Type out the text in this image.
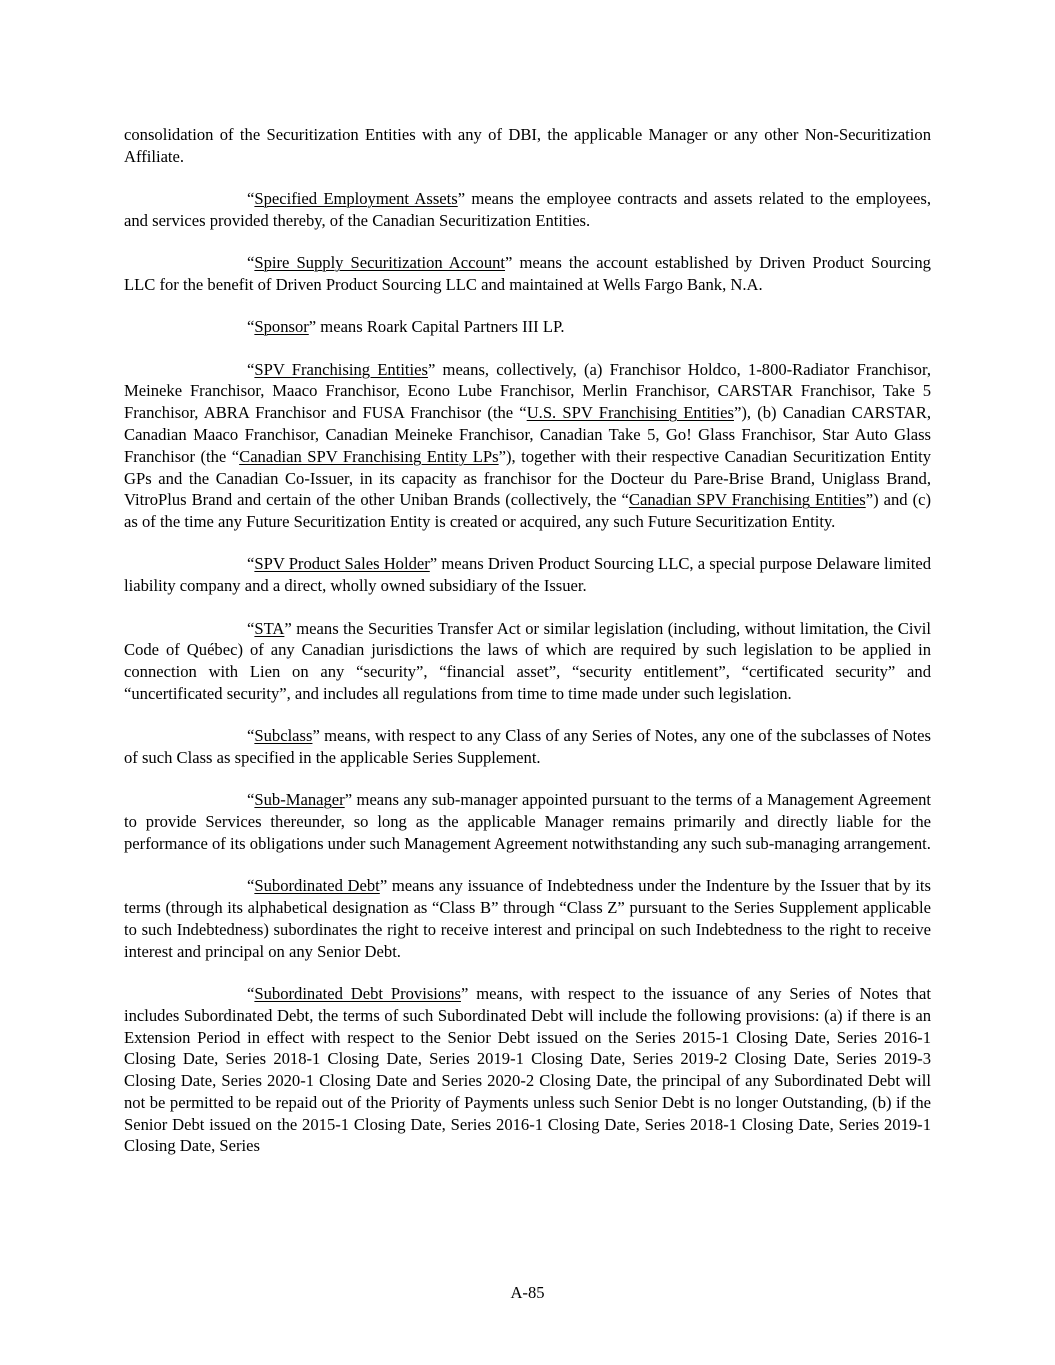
consolidation of the Securitization Entities with any of DBI, the applicable Manager or any other Non-Securitization Affiliate.

“Specified Employment Assets” means the employee contracts and assets related to the employees, and services provided thereby, of the Canadian Securitization Entities.

“Spire Supply Securitization Account” means the account established by Driven Product Sourcing LLC for the benefit of Driven Product Sourcing LLC and maintained at Wells Fargo Bank, N.A.

“Sponsor” means Roark Capital Partners III LP.

“SPV Franchising Entities” means, collectively, (a) Franchisor Holdco, 1-800-Radiator Franchisor, Meineke Franchisor, Maaco Franchisor, Econo Lube Franchisor, Merlin Franchisor, CARSTAR Franchisor, Take 5 Franchisor, ABRA Franchisor and FUSA Franchisor (the “U.S. SPV Franchising Entities”), (b) Canadian CARSTAR, Canadian Maaco Franchisor, Canadian Meineke Franchisor, Canadian Take 5, Go! Glass Franchisor, Star Auto Glass Franchisor (the “Canadian SPV Franchising Entity LPs”), together with their respective Canadian Securitization Entity GPs and the Canadian Co-Issuer, in its capacity as franchisor for the Docteur du Pare-Brise Brand, Uniglass Brand, VitroPlus Brand and certain of the other Uniban Brands (collectively, the “Canadian SPV Franchising Entities”) and (c) as of the time any Future Securitization Entity is created or acquired, any such Future Securitization Entity.

“SPV Product Sales Holder” means Driven Product Sourcing LLC, a special purpose Delaware limited liability company and a direct, wholly owned subsidiary of the Issuer.

“STA” means the Securities Transfer Act or similar legislation (including, without limitation, the Civil Code of Québec) of any Canadian jurisdictions the laws of which are required by such legislation to be applied in connection with Lien on any “security”, “financial asset”, “security entitlement”, “certificated security” and “uncertificated security”, and includes all regulations from time to time made under such legislation.

“Subclass” means, with respect to any Class of any Series of Notes, any one of the subclasses of Notes of such Class as specified in the applicable Series Supplement.

“Sub-Manager” means any sub-manager appointed pursuant to the terms of a Management Agreement to provide Services thereunder, so long as the applicable Manager remains primarily and directly liable for the performance of its obligations under such Management Agreement notwithstanding any such sub-managing arrangement.

“Subordinated Debt” means any issuance of Indebtedness under the Indenture by the Issuer that by its terms (through its alphabetical designation as “Class B” through “Class Z” pursuant to the Series Supplement applicable to such Indebtedness) subordinates the right to receive interest and principal on such Indebtedness to the right to receive interest and principal on any Senior Debt.

“Subordinated Debt Provisions” means, with respect to the issuance of any Series of Notes that includes Subordinated Debt, the terms of such Subordinated Debt will include the following provisions: (a) if there is an Extension Period in effect with respect to the Senior Debt issued on the Series 2015-1 Closing Date, Series 2016-1 Closing Date, Series 2018-1 Closing Date, Series 2019-1 Closing Date, Series 2019-2 Closing Date, Series 2019-3 Closing Date, Series 2020-1 Closing Date and Series 2020-2 Closing Date, the principal of any Subordinated Debt will not be permitted to be repaid out of the Priority of Payments unless such Senior Debt is no longer Outstanding, (b) if the Senior Debt issued on the 2015-1 Closing Date, Series 2016-1 Closing Date, Series 2018-1 Closing Date, Series 2019-1 Closing Date, Series

A-85
